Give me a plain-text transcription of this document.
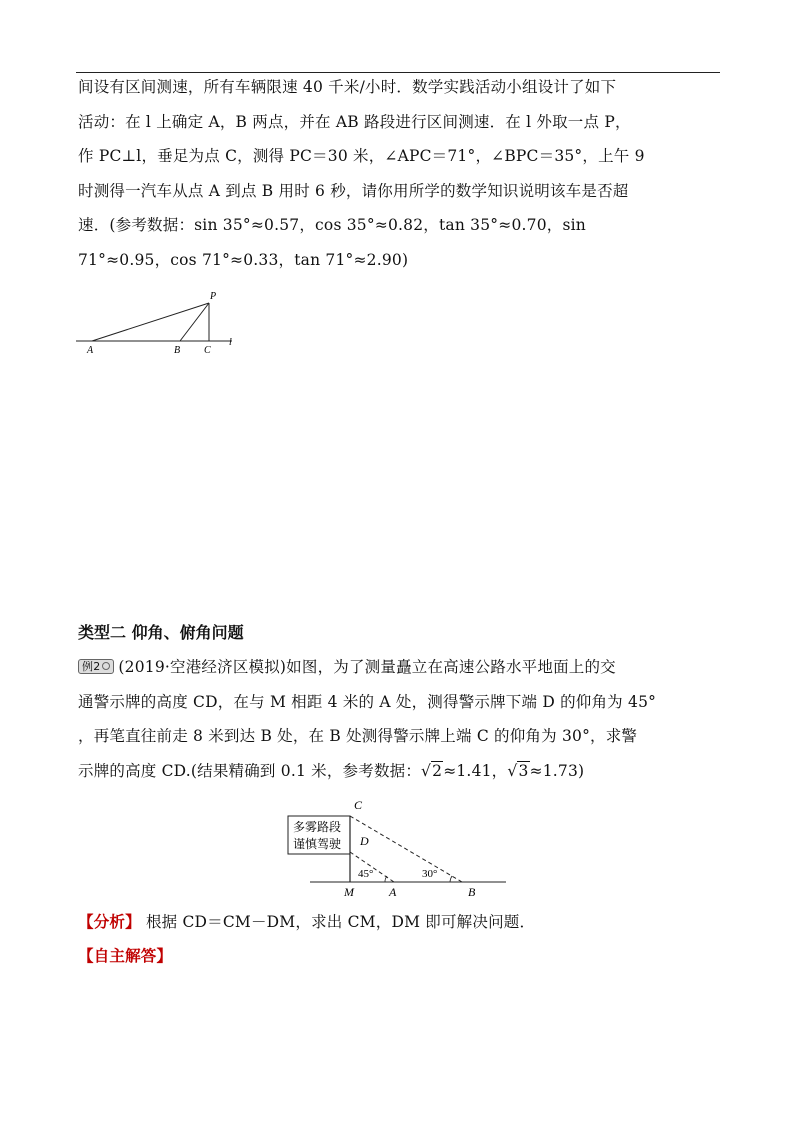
间设有区间测速，所有车辆限速 40 千米/小时．数学实践活动小组设计了如下
活动：在 l 上确定 A，B 两点，并在 AB 路段进行区间测速．在 l 外取一点 P，
作 PC⊥l，垂足为点 C，测得 PC＝30 米，∠APC＝71°，∠BPC＝35°，上午 9
时测得一汽车从点 A 到点 B 用时 6 秒，请你用所学的数学知识说明该车是否超
速．(参考数据：sin 35°≈0.57，cos 35°≈0.82，tan 35°≈0.70，sin
71°≈0.95，cos 71°≈0.33，tan 71°≈2.90)
P
A	B C
l
类型二 仰角、俯角问题
例2 (2019·空港经济区模拟)如图，为了测量矗立在高速公路水平地面上的交
通警示牌的高度 CD，在与 M 相距 4 米的 A 处，测得警示牌下端 D 的仰角为 45°
，再笔直往前走 8 米到达 B 处，在 B 处测得警示牌上端 C 的仰角为 30°，求警
示牌的高度 CD.(结果精确到 0.1 米，参考数据：√2≈1.41，√3≈1.73)
多雾路段
谨慎驾驶
C
D
M	A	B
45°	30°
【分析】 根据 CD＝CM－DM，求出 CM，DM 即可解决问题．
【自主解答】
